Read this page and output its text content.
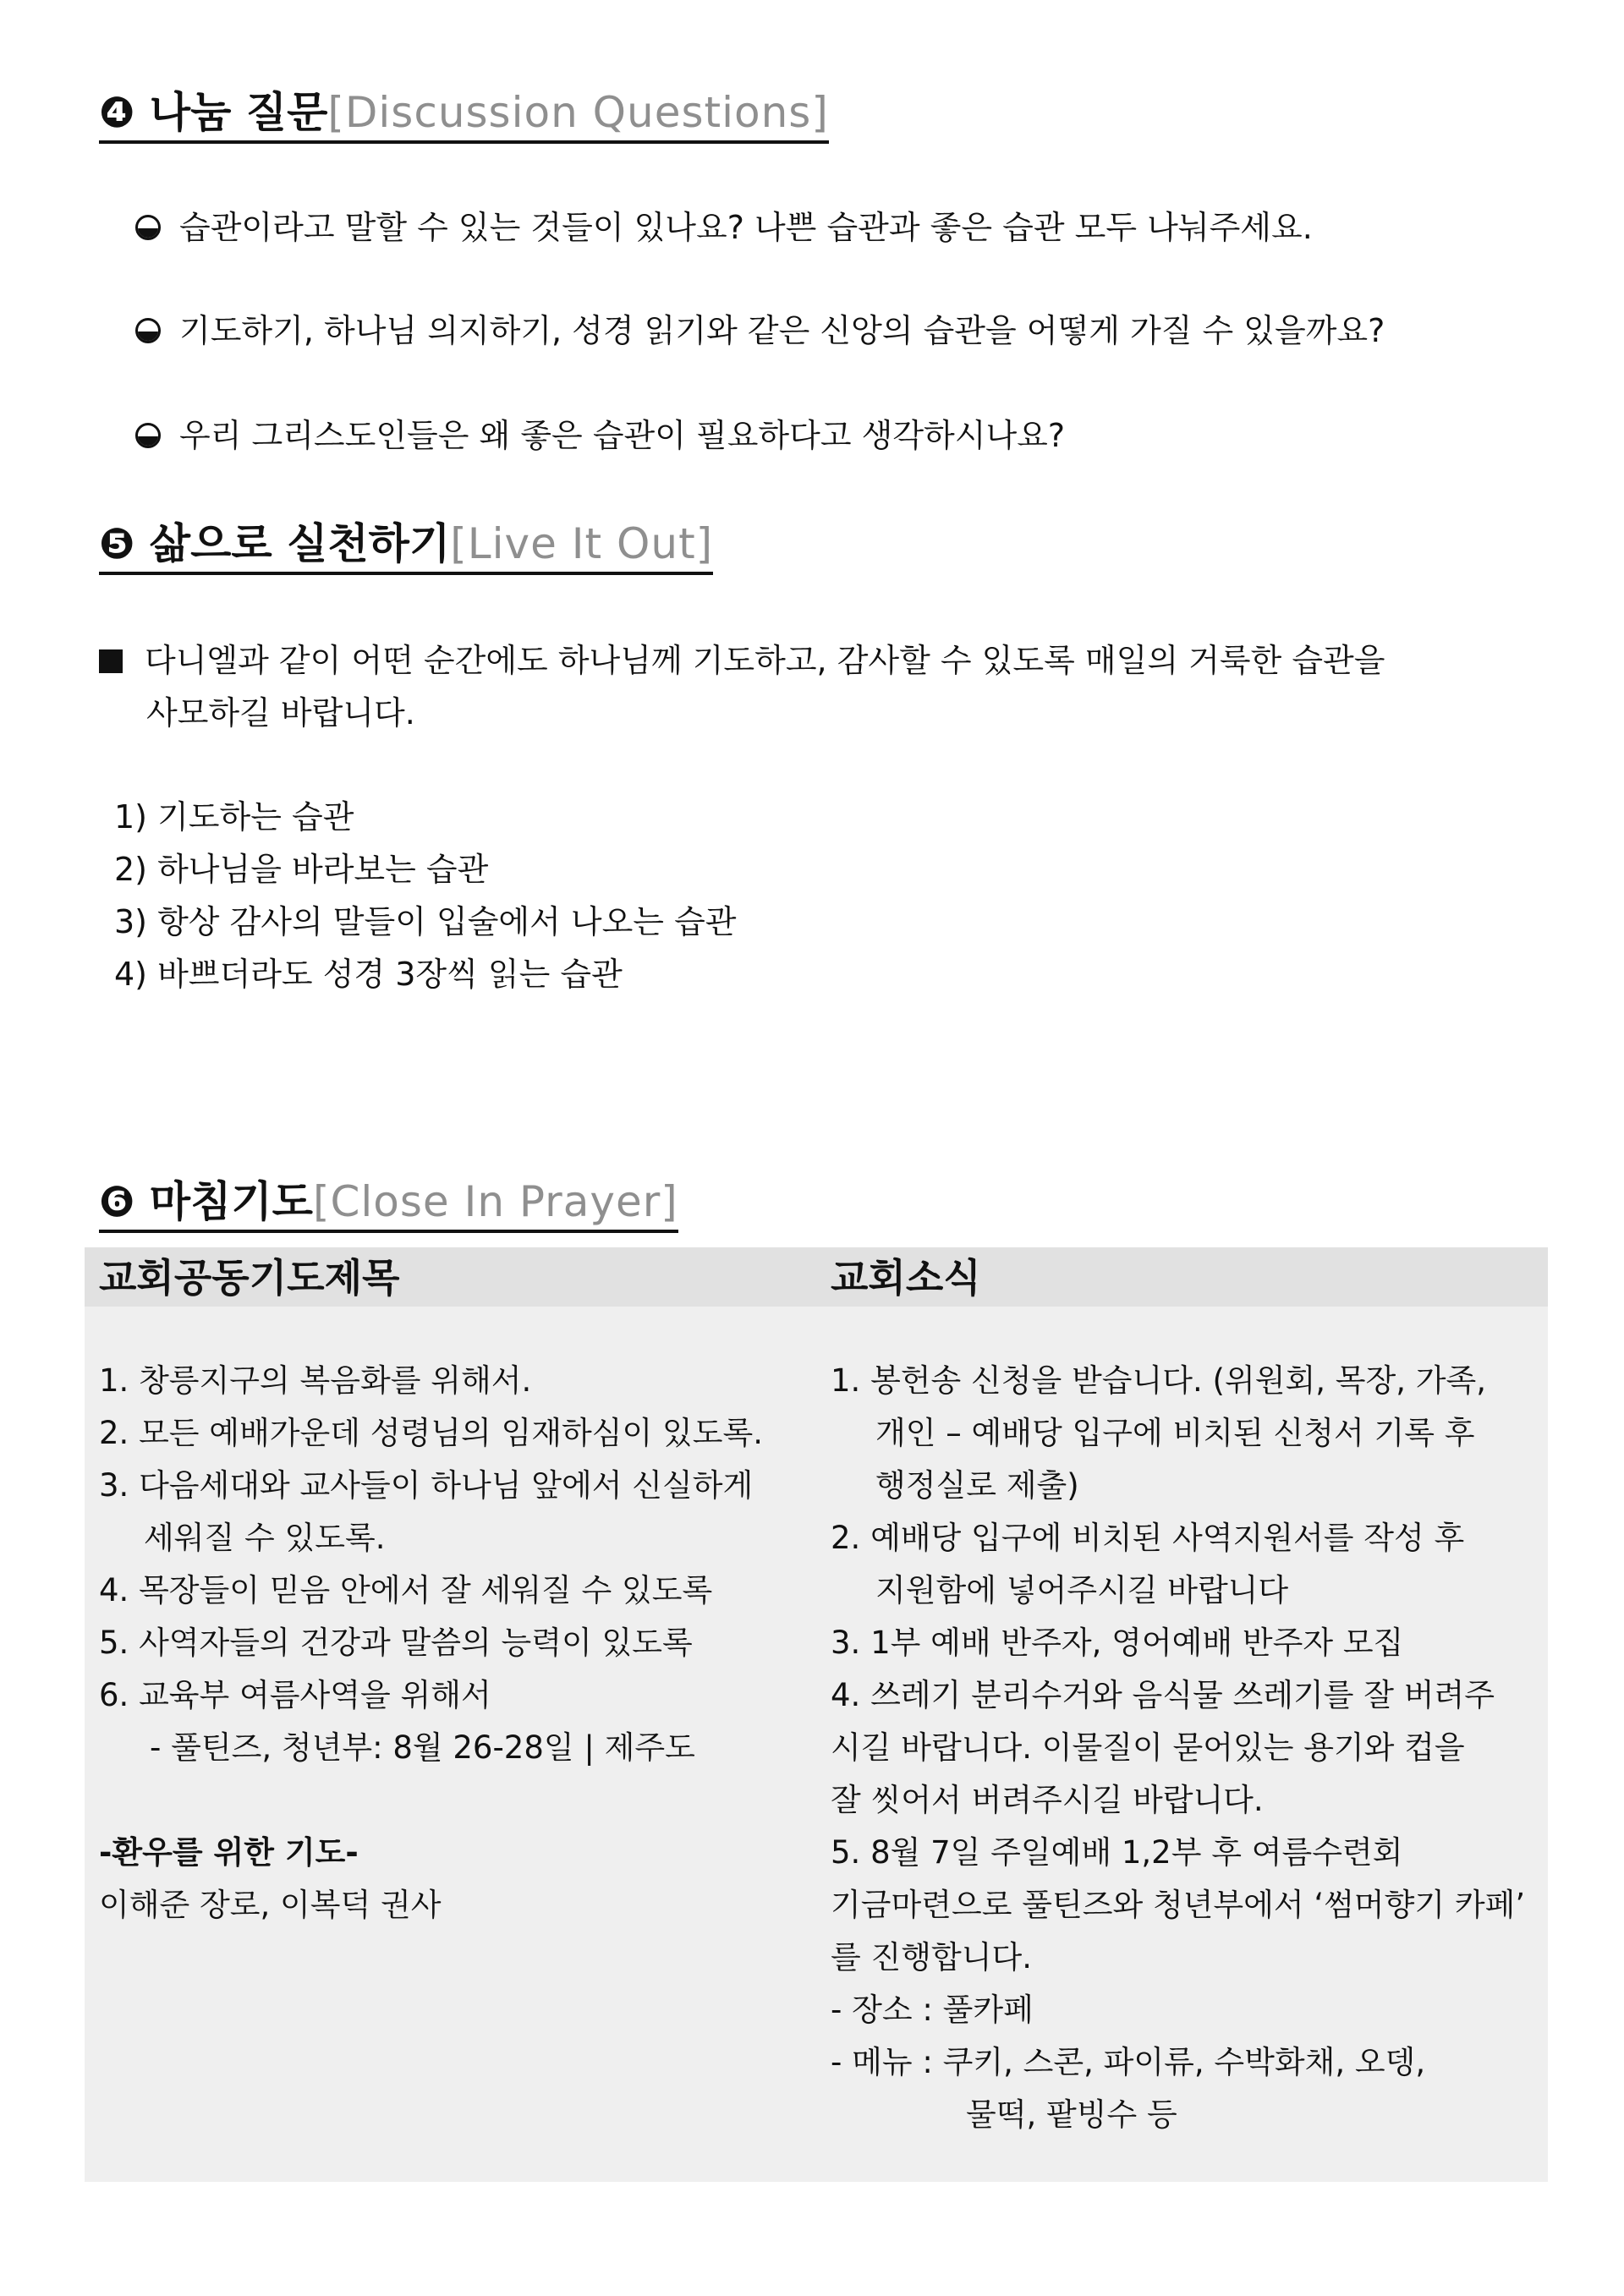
❹ 나눔 질문[Discussion Questions]
습관이라고 말할 수 있는 것들이 있나요? 나쁜 습관과 좋은 습관 모두 나눠주세요.
기도하기, 하나님 의지하기, 성경 읽기와 같은 신앙의 습관을 어떻게 가질 수 있을까요?
우리 그리스도인들은 왜 좋은 습관이 필요하다고 생각하시나요?
❺ 삶으로 실천하기[Live It Out]
다니엘과 같이 어떤 순간에도 하나님께 기도하고, 감사할 수 있도록 매일의 거룩한 습관을
사모하길 바랍니다.
1) 기도하는 습관
2) 하나님을 바라보는 습관
3) 항상 감사의 말들이 입술에서 나오는 습관
4) 바쁘더라도 성경 3장씩 읽는 습관
❻ 마침기도[Close In Prayer]
교회공동기도제목	교회소식

1. 창릉지구의 복음화를 위해서.

2. 모든 예배가운데 성령님의 임재하심이 있도록.

3. 다음세대와 교사들이 하나님 앞에서 신실하게

세워질 수 있도록.

4. 목장들이 믿음 안에서 잘 세워질 수 있도록

5. 사역자들의 건강과 말씀의 능력이 있도록

6. 교육부 여름사역을 위해서

- 풀틴즈, 청년부: 8월 26-28일 | 제주도

-환우를 위한 기도-

이해준 장로, 이복덕 권사

1. 봉헌송 신청을 받습니다. (위원회, 목장, 가족,

개인 – 예배당 입구에 비치된 신청서 기록 후

행정실로 제출)

2. 예배당 입구에 비치된 사역지원서를 작성 후

지원함에 넣어주시길 바랍니다

3. 1부 예배 반주자, 영어예배 반주자 모집

4. 쓰레기 분리수거와 음식물 쓰레기를 잘 버려주

시길 바랍니다. 이물질이 묻어있는 용기와 컵을

잘 씻어서 버려주시길 바랍니다.

5. 8월 7일 주일예배 1,2부 후 여름수련회

기금마련으로 풀틴즈와 청년부에서 ‘썸머향기 카페’

를 진행합니다.

- 장소 : 풀카페

- 메뉴 : 쿠키, 스콘, 파이류, 수박화채, 오뎅,

물떡, 팥빙수 등
